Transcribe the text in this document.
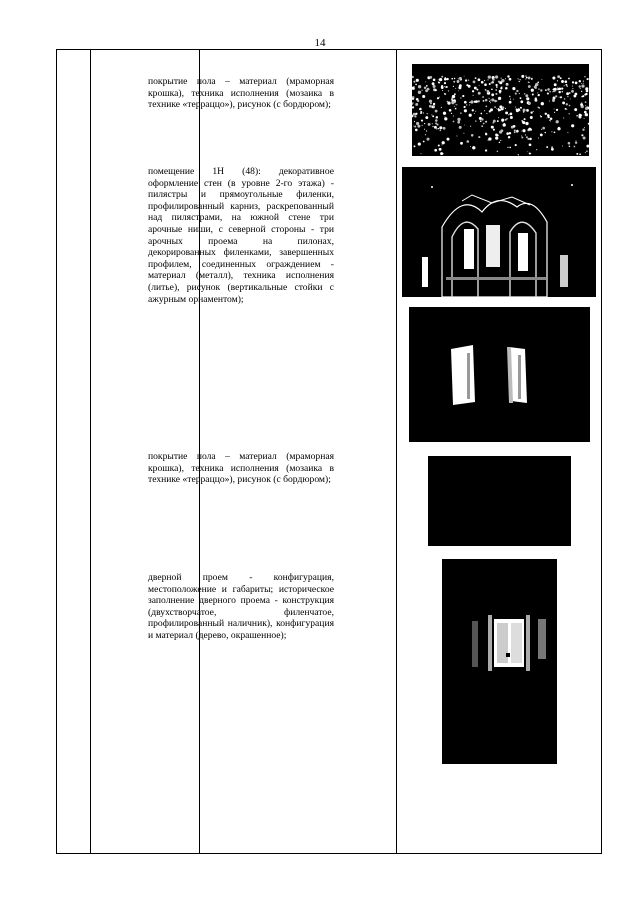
14
покрытие пола – материал (мраморная крошка), техника исполнения (мозаика в технике «терраццо»), рисунок (с бордюром);
помещение 1Н (48): декоративное оформление стен (в уровне 2-го этажа) - пилястры и прямоугольные филенки, профилированный карниз, раскрепованный над пилястрами, на южной стене три арочные ниши, с северной стороны - три арочных проема на пилонах, декорированных филенками, завершенных профилем, соединенных ограждением - материал (металл), техника исполнения (литье), рисунок (вертикальные стойки с ажурным орнаментом);
покрытие пола – материал (мраморная крошка), техника исполнения (мозаика в технике «терраццо»), рисунок (с бордюром);
дверной проем - конфигурация, местоположение и габариты; историческое заполнение дверного проема - конструкция (двухстворчатое, филенчатое, профилированный наличник), конфигурация и материал (дерево, окрашенное);
